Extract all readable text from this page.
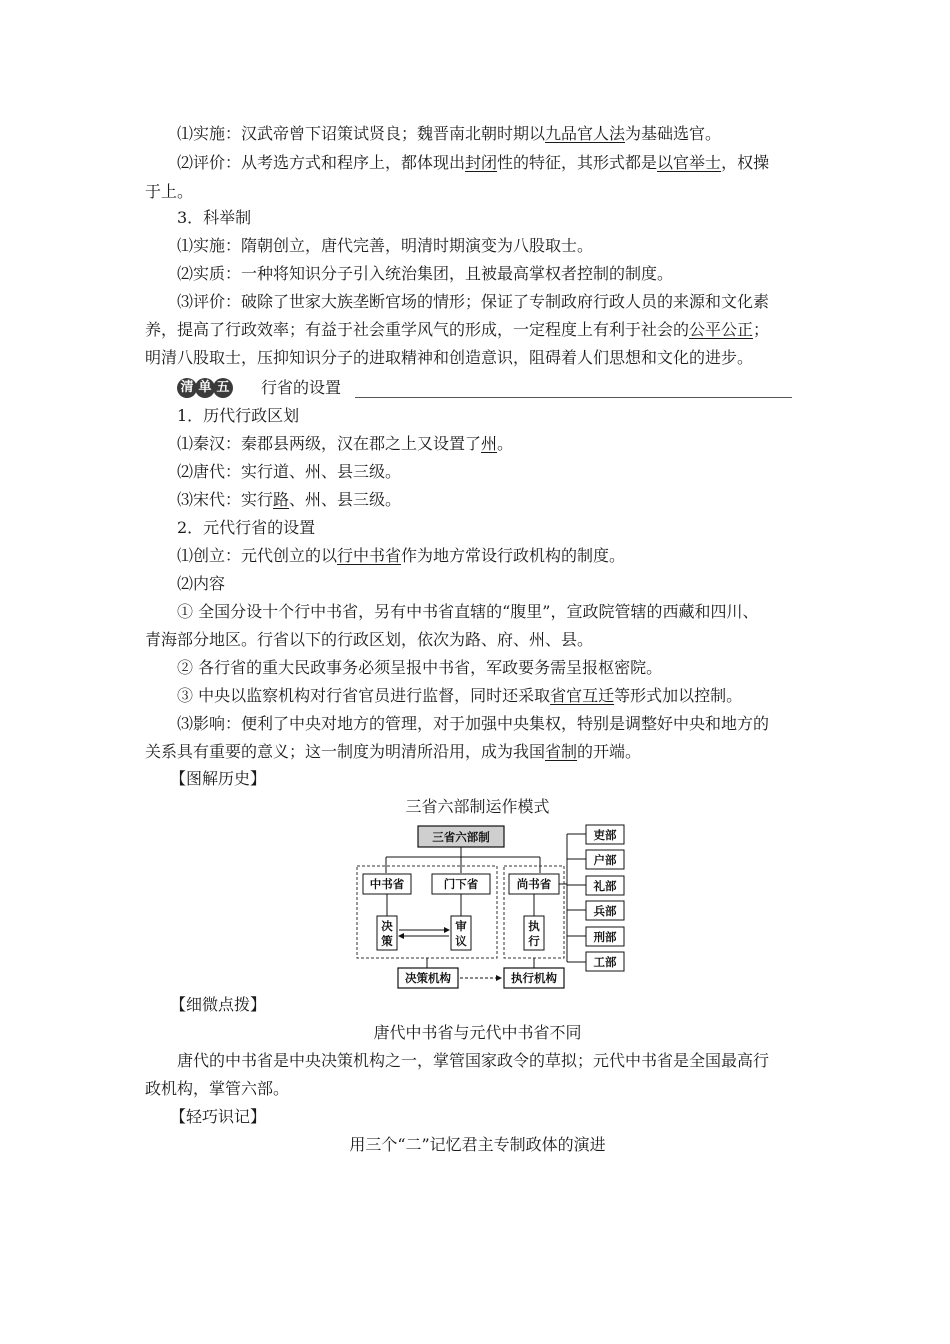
⑴实施：汉武帝曾下诏策试贤良；魏晋南北朝时期以九品官人法为基础选官。
⑵评价：从考选方式和程序上，都体现出封闭性的特征，其形式都是以官举士，权操
于上。
3．科举制
⑴实施：隋朝创立，唐代完善，明清时期演变为八股取士。
⑵实质：一种将知识分子引入统治集团，且被最高掌权者控制的制度。
⑶评价：破除了世家大族垄断官场的情形；保证了专制政府行政人员的来源和文化素
养，提高了行政效率；有益于社会重学风气的形成，一定程度上有利于社会的公平公正；
明清八股取士，压抑知识分子的进取精神和创造意识，阻碍着人们思想和文化的进步。
清 单 五 行省的设置
1．历代行政区划
⑴秦汉：秦郡县两级，汉在郡之上又设置了州。
⑵唐代：实行道、州、县三级。
⑶宋代：实行路、州、县三级。
2．元代行省的设置
⑴创立：元代创立的以行中书省作为地方常设行政机构的制度。
⑵内容
① 全国分设十个行中书省，另有中书省直辖的“腹里”，宣政院管辖的西藏和四川、
青海部分地区。行省以下的行政区划，依次为路、府、州、县。
② 各行省的重大民政事务必须呈报中书省，军政要务需呈报枢密院。
③ 中央以监察机构对行省官员进行监督，同时还采取省官互迁等形式加以控制。
⑶影响：便利了中央对地方的管理，对于加强中央集权，特别是调整好中央和地方的
关系具有重要的意义；这一制度为明清所沿用，成为我国省制的开端。
【图解历史】
三省六部制运作模式
三省六部制
中书省	门下省	尚书省
决
策
审
议
执
行
决策机构	执行机构
吏部
户部
礼部
兵部
刑部
工部
【细微点拨】
唐代中书省与元代中书省不同
唐代的中书省是中央决策机构之一，掌管国家政令的草拟；元代中书省是全国最高行
政机构，掌管六部。
【轻巧识记】
用三个“二”记忆君主专制政体的演进
